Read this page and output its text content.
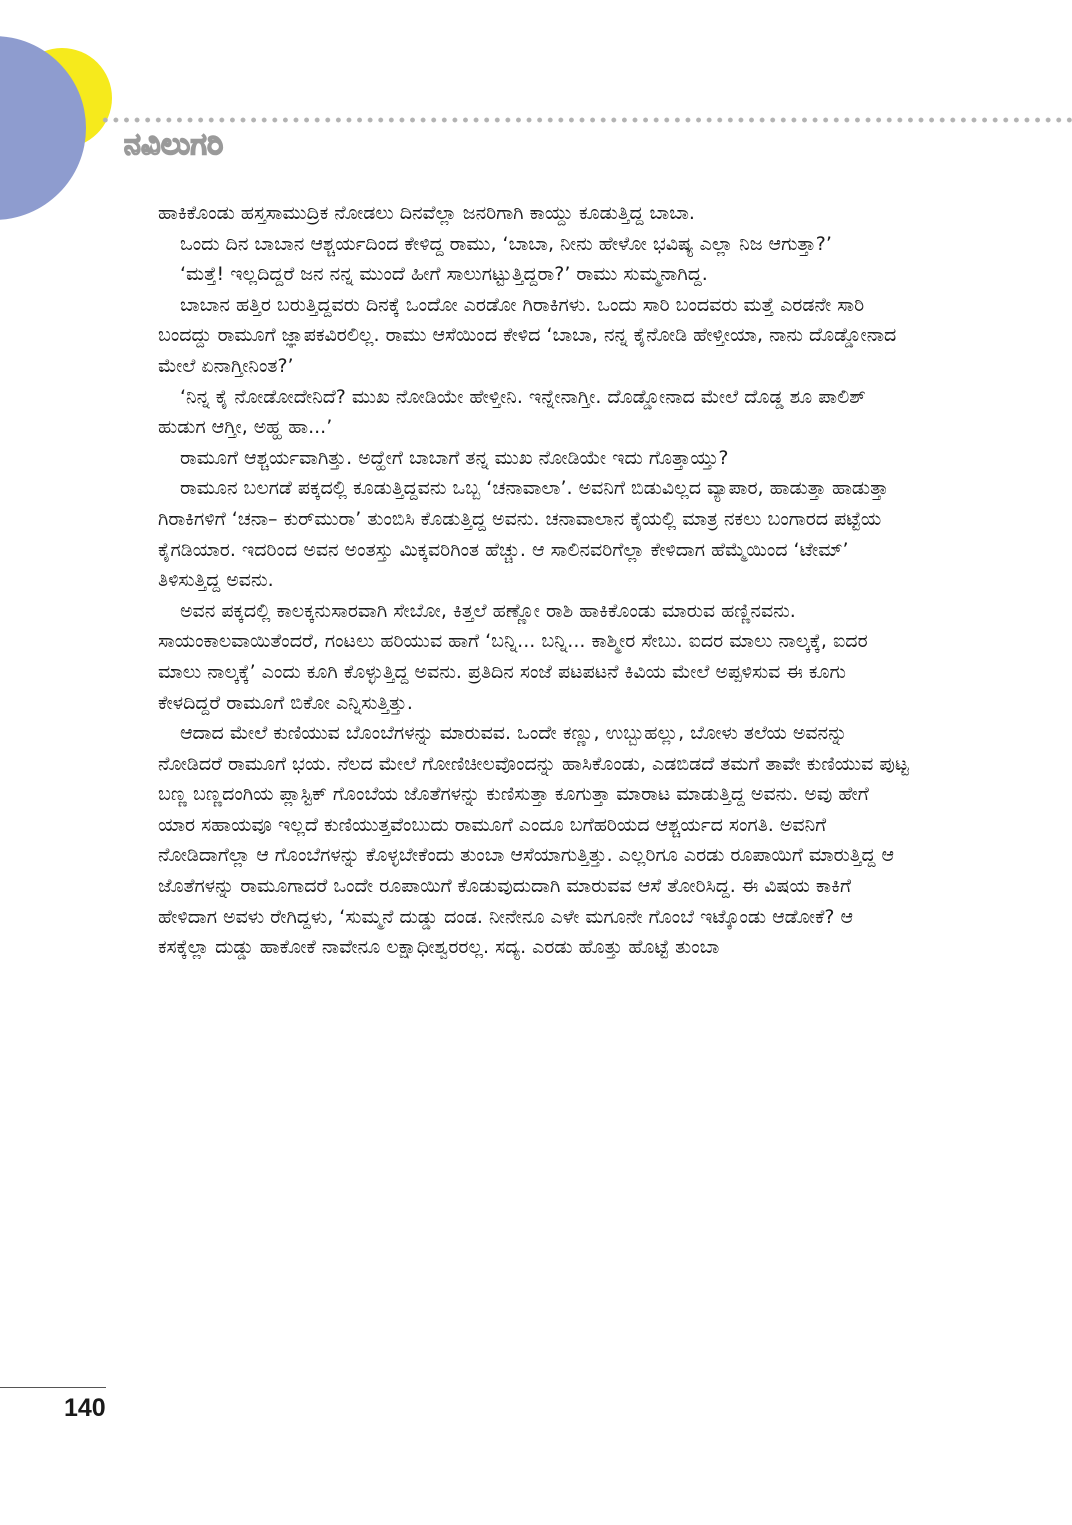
ನವಿಲುಗರಿ

ಹಾಕಿಕೊಂಡು ಹಸ್ತಸಾಮುದ್ರಿಕ ನೋಡಲು ದಿನವೆಲ್ಲಾ ಜನರಿಗಾಗಿ ಕಾಯ್ದು ಕೂಡುತ್ತಿದ್ದ ಬಾಬಾ.

ಒಂದು ದಿನ ಬಾಬಾನ ಆಶ್ಚರ್ಯದಿಂದ ಕೇಳಿದ್ದ ರಾಮು, ‘ಬಾಬಾ, ನೀನು ಹೇಳೋ ಭವಿಷ್ಯ ಎಲ್ಲಾ ನಿಜ ಆಗುತ್ತಾ?’

‘ಮತ್ತೆ! ಇಲ್ಲದಿದ್ದರೆ ಜನ ನನ್ನ ಮುಂದೆ ಹೀಗೆ ಸಾಲುಗಟ್ಟುತ್ತಿದ್ದರಾ?’ ರಾಮು ಸುಮ್ಮನಾಗಿದ್ದ.

ಬಾಬಾನ ಹತ್ತಿರ ಬರುತ್ತಿದ್ದವರು ದಿನಕ್ಕೆ ಒಂದೋ ಎರಡೋ ಗಿರಾಕಿಗಳು. ಒಂದು ಸಾರಿ ಬಂದವರು ಮತ್ತೆ ಎರಡನೇ ಸಾರಿ ಬಂದದ್ದು ರಾಮೂಗೆ ಜ್ಞಾಪಕವಿರಲಿಲ್ಲ. ರಾಮು ಆಸೆಯಿಂದ ಕೇಳಿದ ‘ಬಾಬಾ, ನನ್ನ ಕೈನೋಡಿ ಹೇಳ್ತೀಯಾ, ನಾನು ದೊಡ್ಡೋನಾದ ಮೇಲೆ ಏನಾಗ್ತೀನಿಂತ?’

‘ನಿನ್ನ ಕೈ ನೋಡೋದೇನಿದೆ? ಮುಖ ನೋಡಿಯೇ ಹೇಳ್ತೀನಿ. ಇನ್ನೇನಾಗ್ತೀ. ದೊಡ್ಡೋನಾದ ಮೇಲೆ ದೊಡ್ಡ ಶೂ ಪಾಲಿಶ್ ಹುಡುಗ ಆಗ್ತೀ, ಅಹ್ಹ ಹಾ...’

ರಾಮೂಗೆ ಆಶ್ಚರ್ಯವಾಗಿತ್ತು. ಅದ್ಹೇಗೆ ಬಾಬಾಗೆ ತನ್ನ ಮುಖ ನೋಡಿಯೇ ಇದು ಗೊತ್ತಾಯ್ತು?

ರಾಮೂನ ಬಲಗಡೆ ಪಕ್ಕದಲ್ಲಿ ಕೂಡುತ್ತಿದ್ದವನು ಒಬ್ಬ ‘ಚನಾವಾಲಾ’. ಅವನಿಗೆ ಬಿಡುವಿಲ್ಲದ ವ್ಯಾಪಾರ, ಹಾಡುತ್ತಾ ಹಾಡುತ್ತಾ ಗಿರಾಕಿಗಳಿಗೆ ‘ಚನಾ– ಕುರ್‌ಮುರಾ’ ತುಂಬಿಸಿ ಕೊಡುತ್ತಿದ್ದ ಅವನು. ಚನಾವಾಲಾನ ಕೈಯಲ್ಲಿ ಮಾತ್ರ ನಕಲು ಬಂಗಾರದ ಪಟ್ಟೆಯ ಕೈಗಡಿಯಾರ. ಇದರಿಂದ ಅವನ ಅಂತಸ್ತು ಮಿಕ್ಕವರಿಗಿಂತ ಹೆಚ್ಚು. ಆ ಸಾಲಿನವರಿಗೆಲ್ಲಾ ಕೇಳಿದಾಗ ಹೆಮ್ಮೆಯಿಂದ ‘ಟೇಮ್’ ತಿಳಿಸುತ್ತಿದ್ದ ಅವನು.

ಅವನ ಪಕ್ಕದಲ್ಲಿ ಕಾಲಕ್ಕನುಸಾರವಾಗಿ ಸೇಬೋ, ಕಿತ್ತಲೆ ಹಣ್ಣೋ ರಾಶಿ ಹಾಕಿಕೊಂಡು ಮಾರುವ ಹಣ್ಣಿನವನು. ಸಾಯಂಕಾಲವಾಯಿತೆಂದರೆ, ಗಂಟಲು ಹರಿಯುವ ಹಾಗೆ ‘ಬನ್ನಿ... ಬನ್ನಿ... ಕಾಶ್ಮೀರ ಸೇಬು. ಐದರ ಮಾಲು ನಾಲ್ಕಕ್ಕೆ, ಐದರ ಮಾಲು ನಾಲ್ಕಕ್ಕೆ’ ಎಂದು ಕೂಗಿ ಕೊಳ್ಳುತ್ತಿದ್ದ ಅವನು. ಪ್ರತಿದಿನ ಸಂಜೆ ಪಟಪಟನೆ ಕಿವಿಯ ಮೇಲೆ ಅಪ್ಪಳಿಸುವ ಈ ಕೂಗು ಕೇಳದಿದ್ದರೆ ರಾಮೂಗೆ ಬಿಕೋ ಎನ್ನಿಸುತ್ತಿತ್ತು.

ಆದಾದ ಮೇಲೆ ಕುಣಿಯುವ ಬೊಂಬೆಗಳನ್ನು ಮಾರುವವ. ಒಂದೇ ಕಣ್ಣು, ಉಬ್ಬುಹಲ್ಲು, ಬೋಳು ತಲೆಯ ಅವನನ್ನು ನೋಡಿದರೆ ರಾಮೂಗೆ ಭಯ. ನೆಲದ ಮೇಲೆ ಗೋಣಿಚೀಲವೊಂದನ್ನು ಹಾಸಿಕೊಂಡು, ಎಡಬಿಡದೆ ತಮಗೆ ತಾವೇ ಕುಣಿಯುವ ಪುಟ್ಟ ಬಣ್ಣ ಬಣ್ಣದಂಗಿಯ ಪ್ಲಾಸ್ಟಿಕ್ ಗೊಂಬೆಯ ಜೊತೆಗಳನ್ನು ಕುಣಿಸುತ್ತಾ ಕೂಗುತ್ತಾ ಮಾರಾಟ ಮಾಡುತ್ತಿದ್ದ ಅವನು. ಅವು ಹೇಗೆ ಯಾರ ಸಹಾಯವೂ ಇಲ್ಲದೆ ಕುಣಿಯುತ್ತವೆಂಬುದು ರಾಮೂಗೆ ಎಂದೂ ಬಗೆಹರಿಯದ ಆಶ್ಚರ್ಯದ ಸಂಗತಿ. ಅವನಿಗೆ ನೋಡಿದಾಗೆಲ್ಲಾ ಆ ಗೊಂಬೆಗಳನ್ನು ಕೊಳ್ಳಬೇಕೆಂದು ತುಂಬಾ ಆಸೆಯಾಗುತ್ತಿತ್ತು. ಎಲ್ಲರಿಗೂ ಎರಡು ರೂಪಾಯಿಗೆ ಮಾರುತ್ತಿದ್ದ ಆ ಜೊತೆಗಳನ್ನು ರಾಮೂಗಾದರೆ ಒಂದೇ ರೂಪಾಯಿಗೆ ಕೊಡುವುದುದಾಗಿ ಮಾರುವವ ಆಸೆ ತೋರಿಸಿದ್ದ. ಈ ವಿಷಯ ಕಾಕಿಗೆ ಹೇಳಿದಾಗ ಅವಳು ರೇಗಿದ್ದಳು, ‘ಸುಮ್ಮನೆ ದುಡ್ಡು ದಂಡ. ನೀನೇನೂ ಎಳೇ ಮಗೂನೇ ಗೊಂಬೆ ಇಟ್ಕೊಂಡು ಆಡೋಕೆ? ಆ ಕಸಕ್ಕೆಲ್ಲಾ ದುಡ್ಡು ಹಾಕೋಕೆ ನಾವೇನೂ ಲಕ್ಷಾಧೀಶ್ವರರಲ್ಲ. ಸದ್ಯ. ಎರಡು ಹೊತ್ತು ಹೊಟ್ಟೆ ತುಂಬಾ

140
